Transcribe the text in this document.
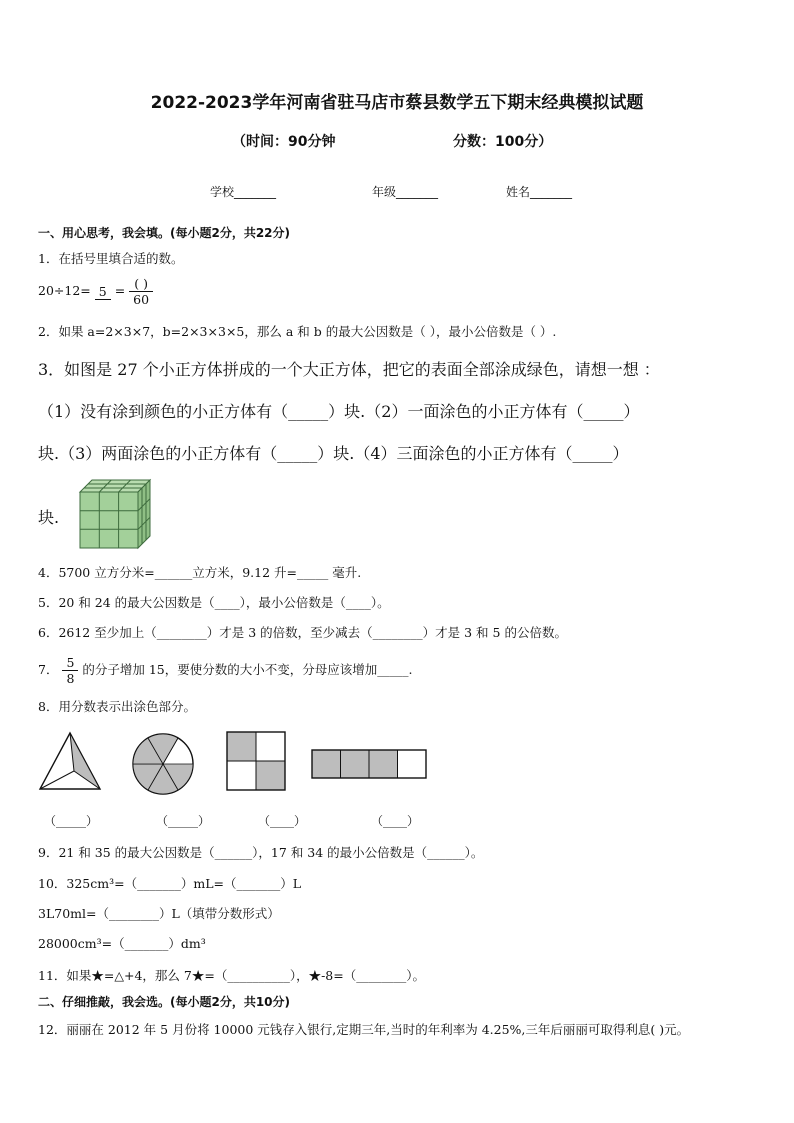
2022-2023学年河南省驻马店市蔡县数学五下期末经典模拟试题
（时间：90分钟	分数：100分）
学校_______	年级_______	姓名_______
一、用心思考，我会填。(每小题2分，共22分)
1．在括号里填合适的数。
$20\div 12= 5 = \frac{( )}{60}$
2．如果 a=2×3×7，b=2×3×3×5，那么 a 和 b 的最大公因数是（ ），最小公倍数是（ ）.
3．如图是 27 个小正方体拼成的一个大正方体，把它的表面全部涂成绿色，请想一想 ：
（1）没有涂到颜色的小正方体有（_____）块.（2）一面涂色的小正方体有（_____）
块.（3）两面涂色的小正方体有（_____）块.（4）三面涂色的小正方体有（_____）
块.
4．5700 立方分米=______立方米，9.12 升=_____ 毫升.
5．20 和 24 的最大公因数是（____），最小公倍数是（____）。
6．2612 至少加上（________）才是 3 的倍数，至少减去（________）才是 3 和 5 的公倍数。
7． $\frac{5}{8}$ 的分子增加 15，要使分数的大小不变，分母应该增加_____.
8．用分数表示出涂色部分。
（_____）	（_____）	（____）	（____）
9．21 和 35 的最大公因数是（______），17 和 34 的最小公倍数是（______）。
10．325cm³=（_______）mL=（_______）L
3L70ml=（________）L（填带分数形式）
28000cm³=（_______）dm³
11．如果★=△+4，那么 7★=（__________），★-8=（________）。
二、仔细推敲，我会选。(每小题2分，共10分)
12．丽丽在 2012 年 5 月份将 10000 元钱存入银行,定期三年,当时的年利率为 4.25%,三年后丽丽可取得利息( )元。
